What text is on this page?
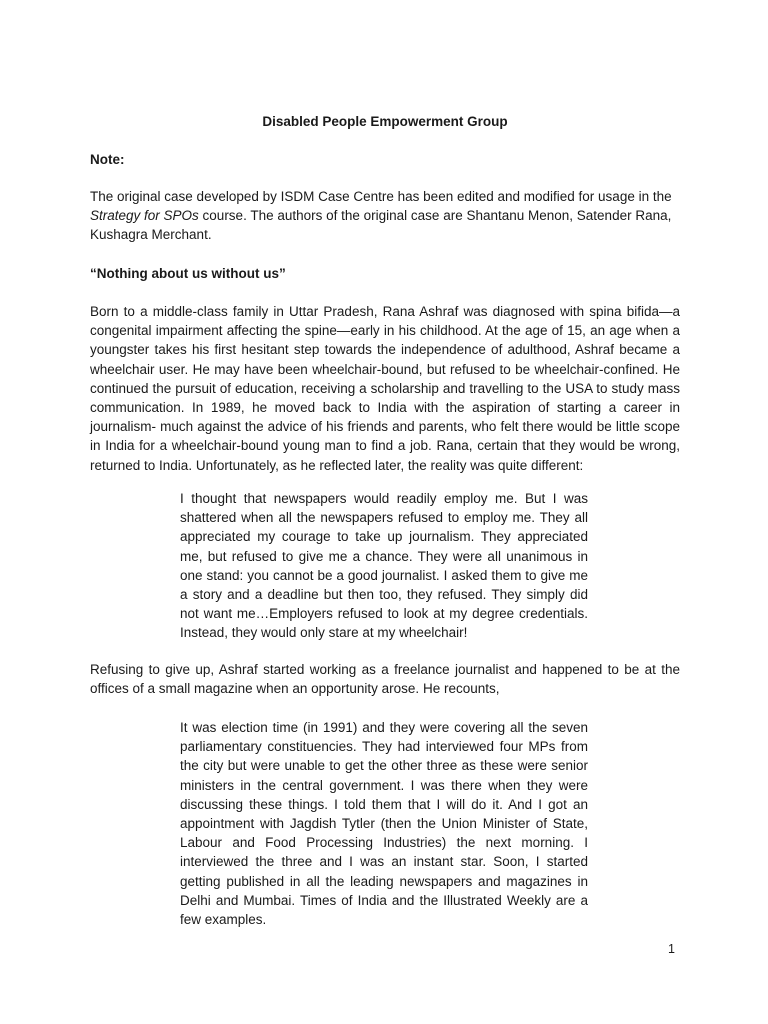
Disabled People Empowerment Group
Note:
The original case developed by ISDM Case Centre has been edited and modified for usage in the Strategy for SPOs course. The authors of the original case are Shantanu Menon, Satender Rana, Kushagra Merchant.
“Nothing about us without us”
Born to a middle-class family in Uttar Pradesh, Rana Ashraf was diagnosed with spina bifida—a congenital impairment affecting the spine—early in his childhood. At the age of 15, an age when a youngster takes his first hesitant step towards the independence of adulthood, Ashraf became a wheelchair user. He may have been wheelchair-bound, but refused to be wheelchair-confined. He continued the pursuit of education, receiving a scholarship and travelling to the USA to study mass communication. In 1989, he moved back to India with the aspiration of starting a career in journalism- much against the advice of his friends and parents, who felt there would be little scope in India for a wheelchair-bound young man to find a job. Rana, certain that they would be wrong, returned to India. Unfortunately, as he reflected later, the reality was quite different:
I thought that newspapers would readily employ me. But I was shattered when all the newspapers refused to employ me. They all appreciated my courage to take up journalism. They appreciated me, but refused to give me a chance. They were all unanimous in one stand: you cannot be a good journalist. I asked them to give me a story and a deadline but then too, they refused. They simply did not want me…Employers refused to look at my degree credentials. Instead, they would only stare at my wheelchair!
Refusing to give up, Ashraf started working as a freelance journalist and happened to be at the offices of a small magazine when an opportunity arose. He recounts,
It was election time (in 1991) and they were covering all the seven parliamentary constituencies. They had interviewed four MPs from the city but were unable to get the other three as these were senior ministers in the central government. I was there when they were discussing these things. I told them that I will do it. And I got an appointment with Jagdish Tytler (then the Union Minister of State, Labour and Food Processing Industries) the next morning. I interviewed the three and I was an instant star. Soon, I started getting published in all the leading newspapers and magazines in Delhi and Mumbai. Times of India and the Illustrated Weekly are a few examples.
1
